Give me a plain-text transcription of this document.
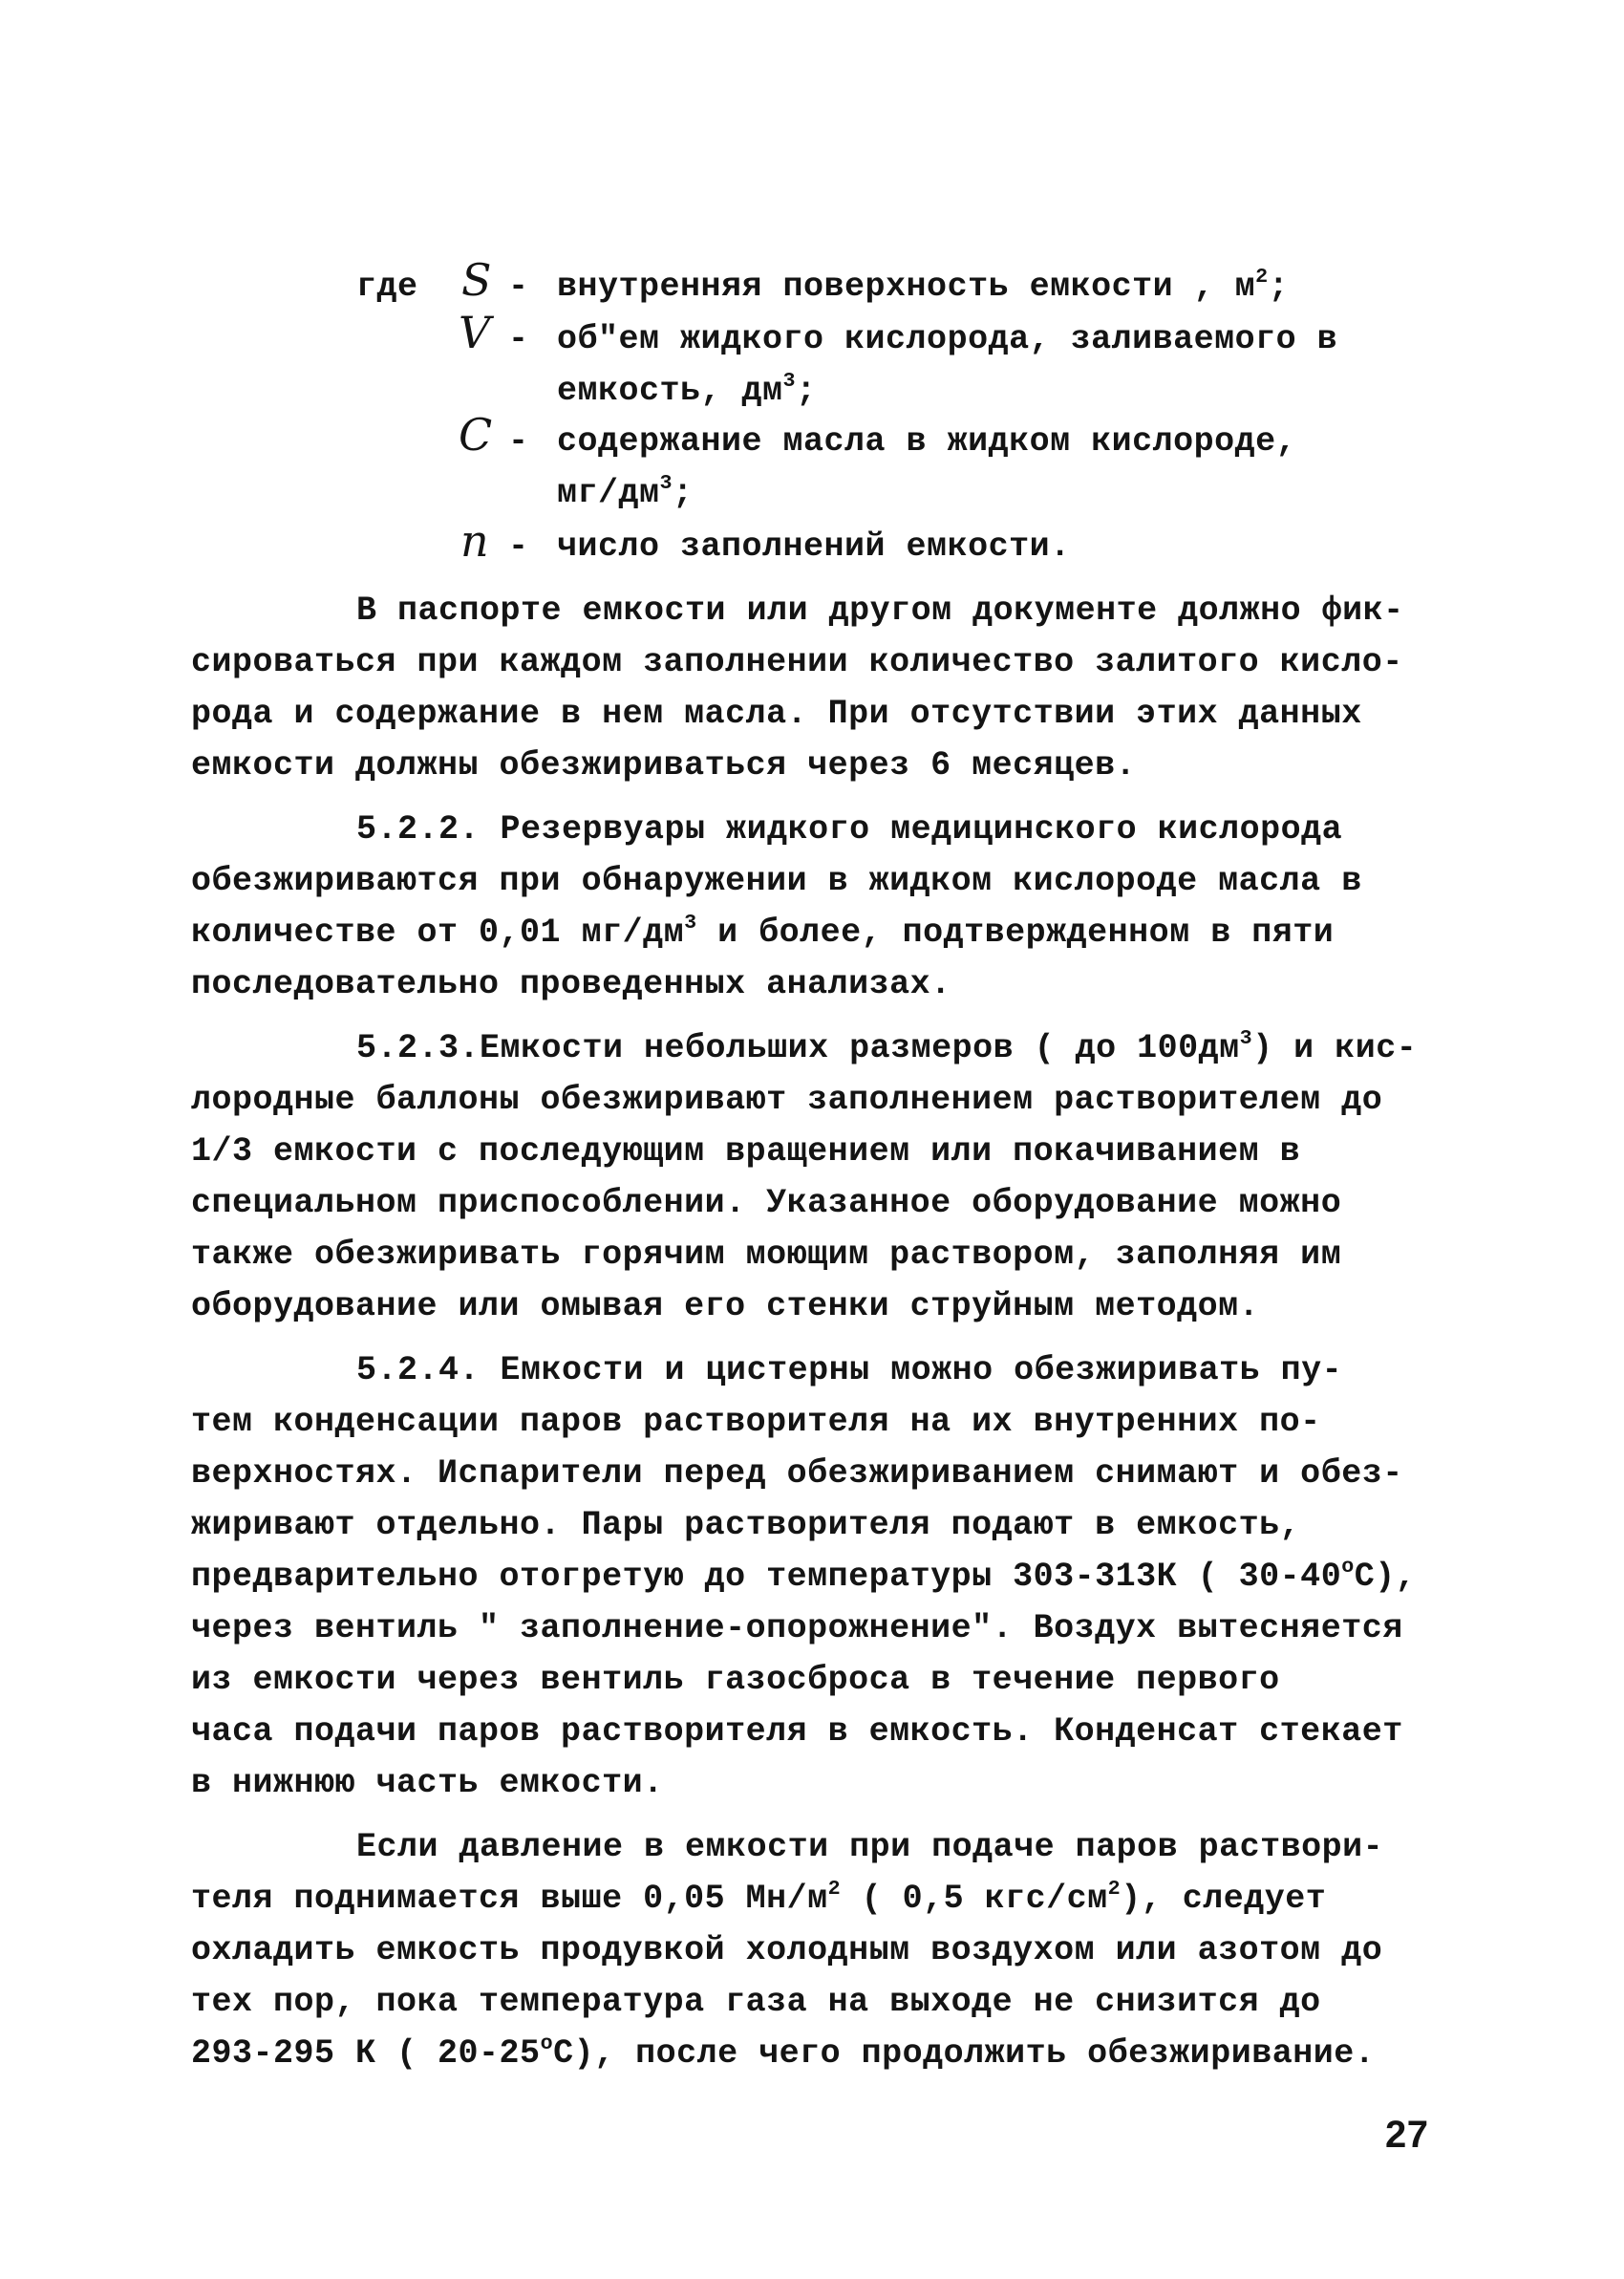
где S - внутренняя поверхность емкости , $м^2$;
V - об"ем жидкого кислорода, заливаемого в
емкость, $дм^3$;
C - содержание масла в жидком кислороде,
$мг/дм^3$;
n - число заполнений емкости.
В паспорте емкости или другом документе должно фик-
сироваться при каждом заполнении количество залитого кисло-
рода и содержание в нем масла. При отсутствии этих данных
емкости должны обезжириваться через 6 месяцев.
5.2.2. Резервуары жидкого медицинского кислорода
обезжириваются при обнаружении в жидком кислороде масла в
количестве от 0,01 $мг/дм^3$ и более, подтвержденном в пяти
последовательно проведенных анализах.
5.2.3.Емкости небольших размеров ( до $100дм^3$) и кис-
лородные баллоны обезжиривают заполнением растворителем до
1/3 емкости с последующим вращением или покачиванием в
специальном приспособлении. Указанное оборудование можно
также обезжиривать горячим моющим раствором, заполняя им
оборудование или омывая его стенки струйным методом.
5.2.4. Емкости и цистерны можно обезжиривать пу-
тем конденсации паров растворителя на их внутренних по-
верхностях. Испарители перед обезжириванием снимают и обез-
жиривают отдельно. Пары растворителя подают в емкость,
предварительно отогретую до температуры 303-313К ( $30-40^оС$),
через вентиль " заполнение-опорожнение". Воздух вытесняется
из емкости через вентиль газосброса в течение первого
часа подачи паров растворителя в емкость. Конденсат стекает
в нижнюю часть емкости.
Если давление в емкости при подаче паров раствори-
теля поднимается выше 0,05 $Мн/м^2$ ( 0,5 кгс/$см^2$), следует
охладить емкость продувкой холодным воздухом или азотом до
тех пор, пока температура газа на выходе не снизится до
293-295 К ( $20-25^оС$), после чего продолжить обезжиривание.
27
